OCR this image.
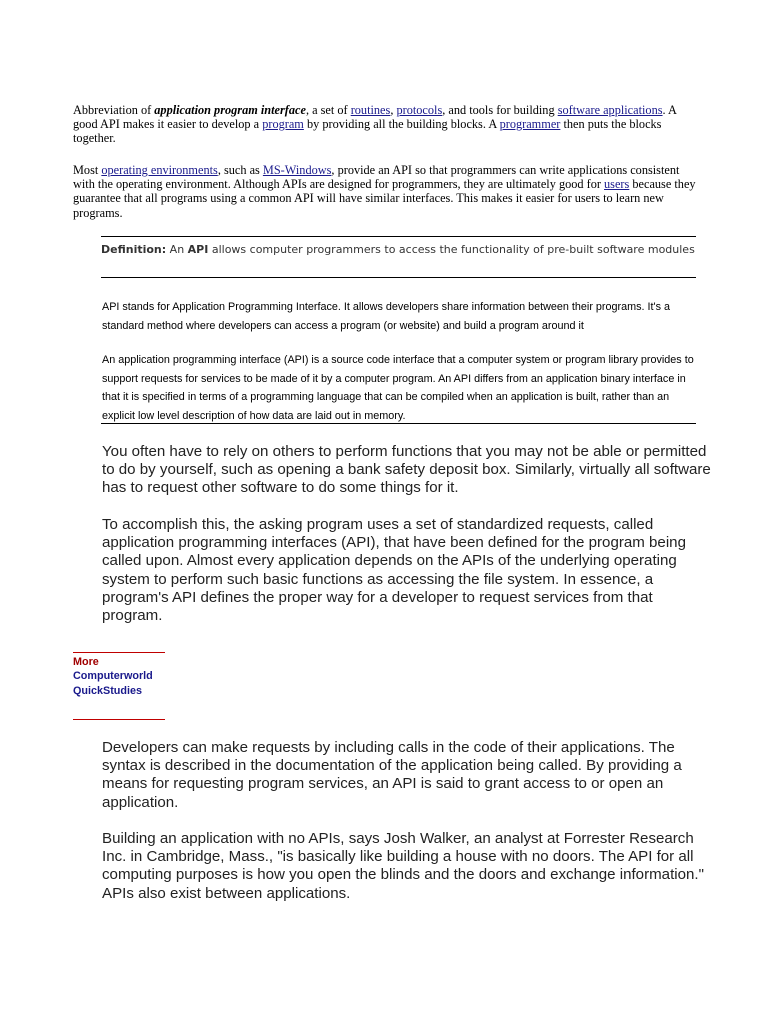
Abbreviation of application program interface, a set of routines, protocols, and tools for building software applications. A good API makes it easier to develop a program by providing all the building blocks. A programmer then puts the blocks together.
Most operating environments, such as MS-Windows, provide an API so that programmers can write applications consistent with the operating environment. Although APIs are designed for programmers, they are ultimately good for users because they guarantee that all programs using a common API will have similar interfaces. This makes it easier for users to learn new programs.
Definition: An API allows computer programmers to access the functionality of pre-built software modules
API stands for Application Programming Interface. It allows developers share information between their programs. It's a standard method where developers can access a program (or website) and build a program around it
An application programming interface (API) is a source code interface that a computer system or program library provides to support requests for services to be made of it by a computer program. An API differs from an application binary interface in that it is specified in terms of a programming language that can be compiled when an application is built, rather than an explicit low level description of how data are laid out in memory.
You often have to rely on others to perform functions that you may not be able or permitted to do by yourself, such as opening a bank safety deposit box. Similarly, virtually all software has to request other software to do some things for it.
To accomplish this, the asking program uses a set of standardized requests, called application programming interfaces (API), that have been defined for the program being called upon. Almost every application depends on the APIs of the underlying operating system to perform such basic functions as accessing the file system. In essence, a program's API defines the proper way for a developer to request services from that program.
More
Computerworld
QuickStudies
Developers can make requests by including calls in the code of their applications. The syntax is described in the documentation of the application being called. By providing a means for requesting program services, an API is said to grant access to or open an application.
Building an application with no APIs, says Josh Walker, an analyst at Forrester Research Inc. in Cambridge, Mass., "is basically like building a house with no doors. The API for all computing purposes is how you open the blinds and the doors and exchange information." APIs also exist between applications.
